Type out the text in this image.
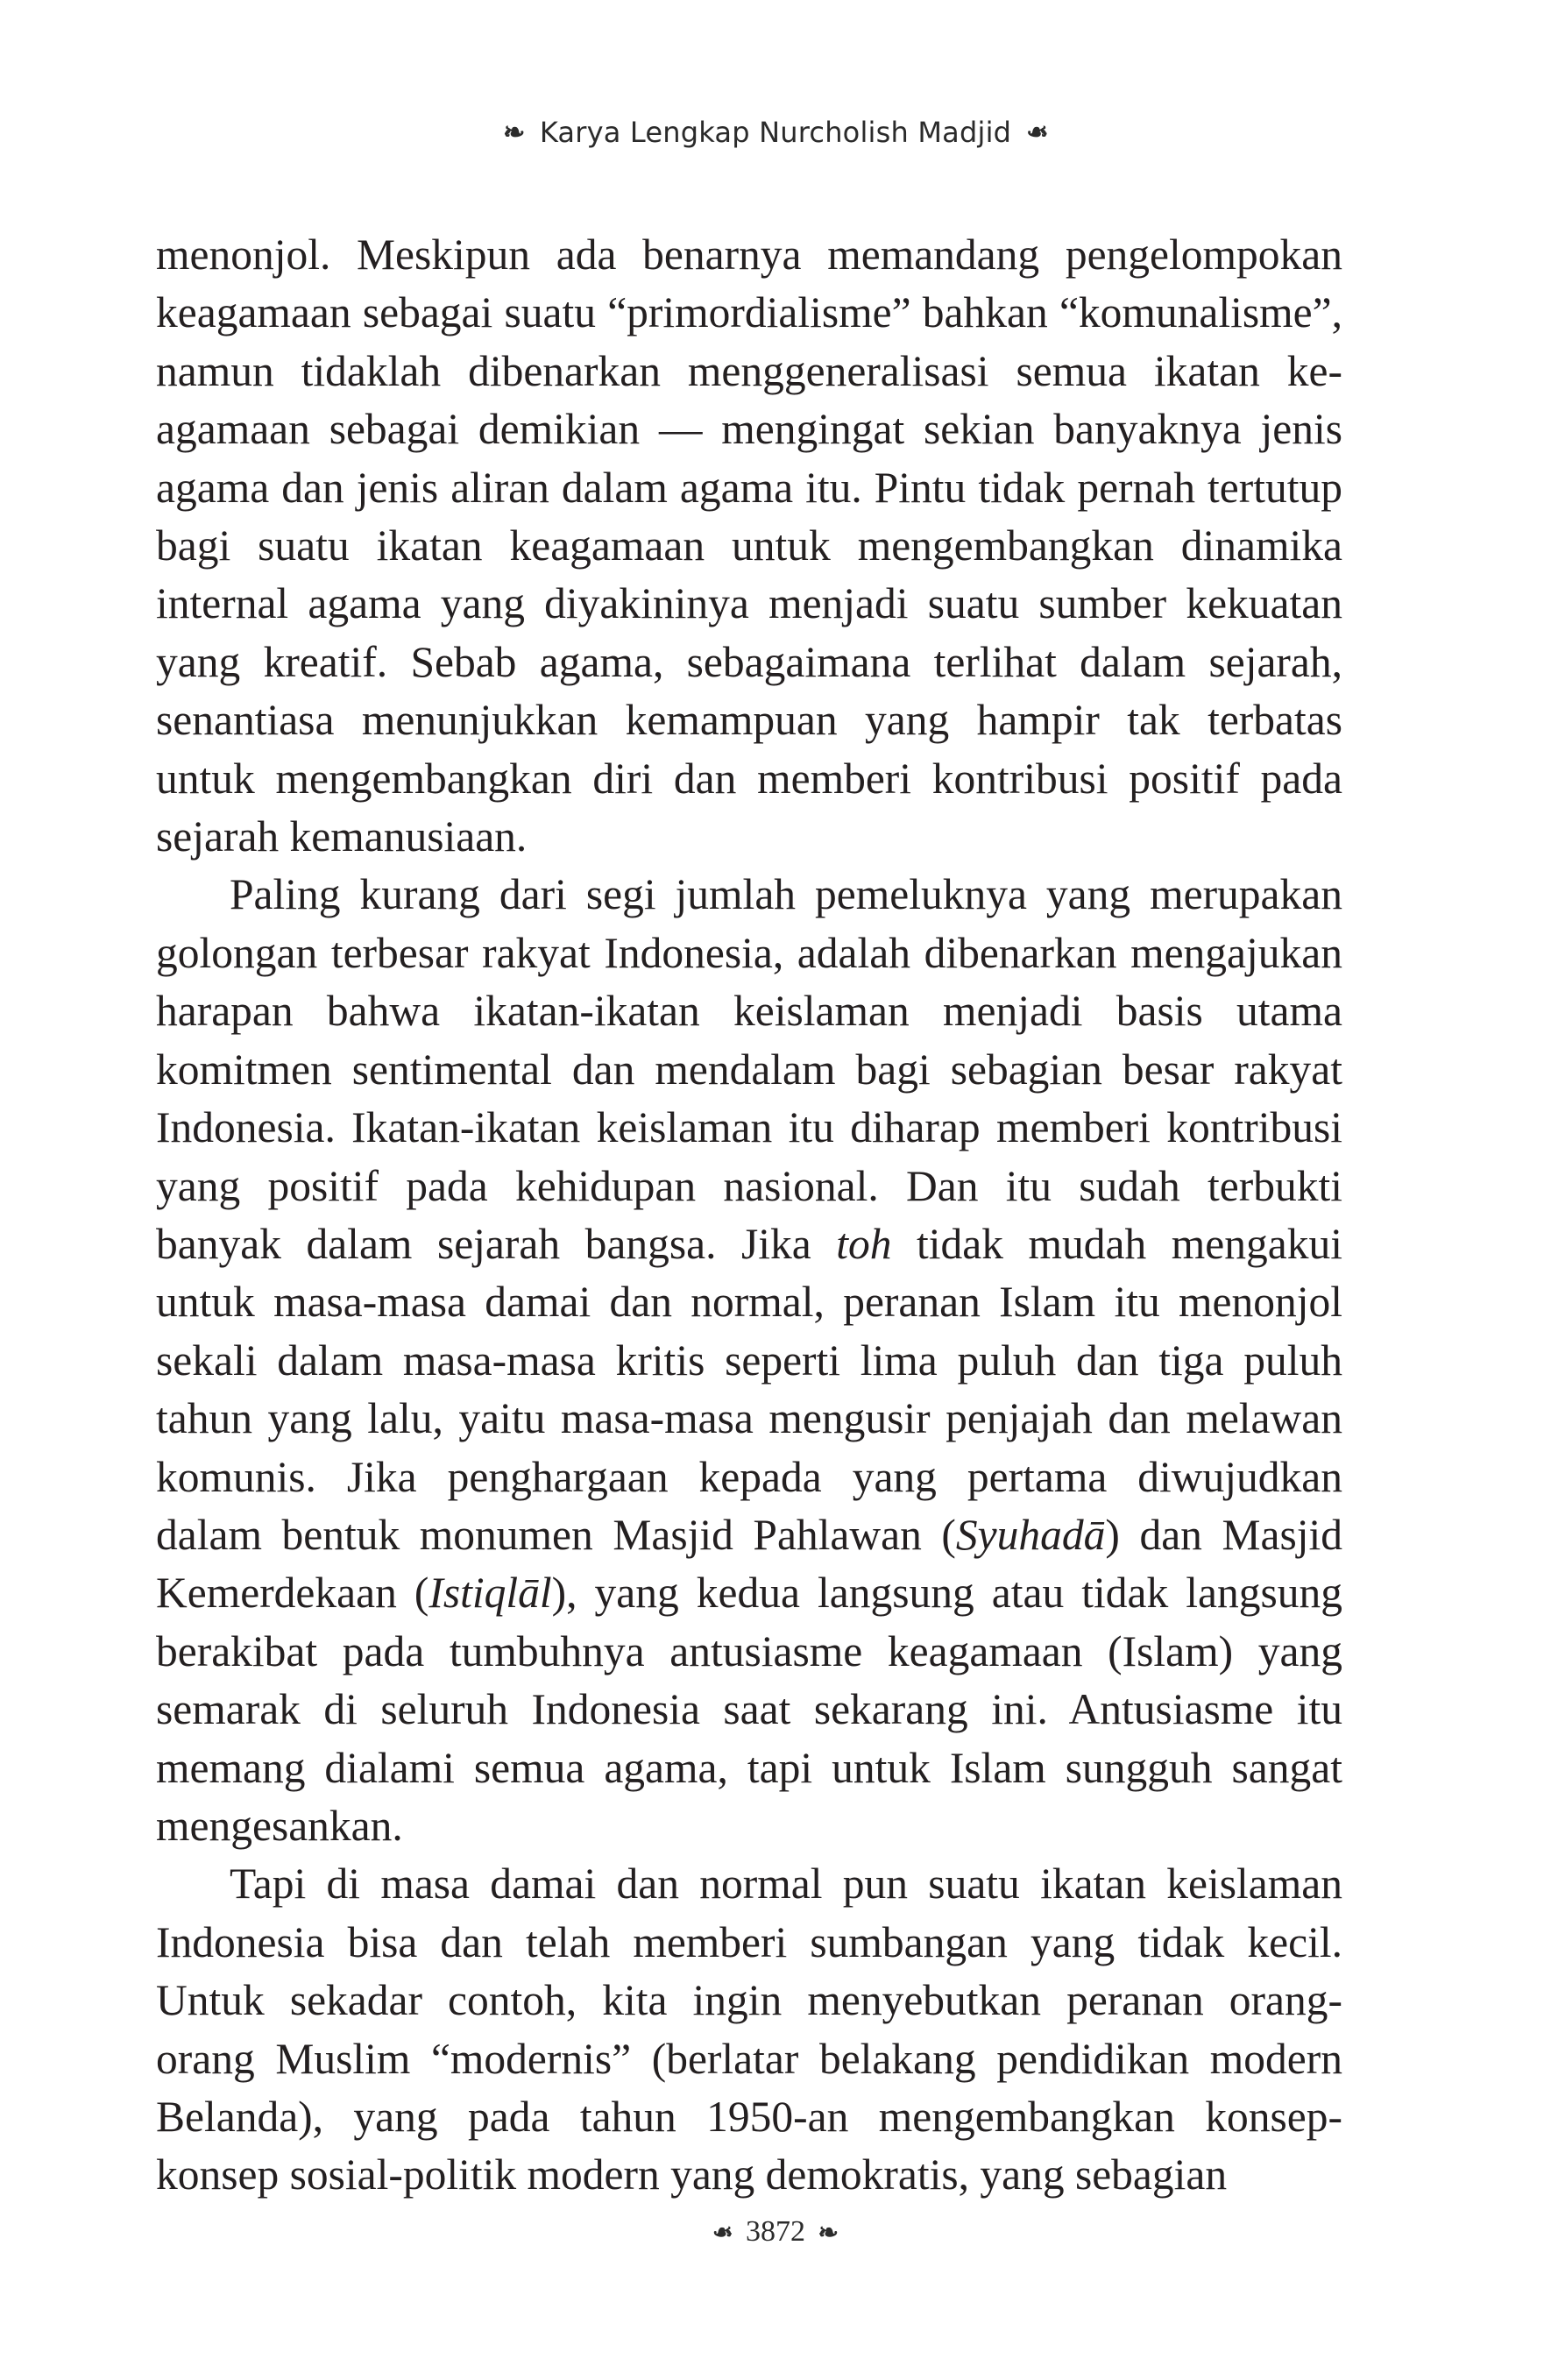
❧ Karya Lengkap Nurcholish Madjid ❧

menonjol. Meskipun ada benarnya memandang pengelompokan
keagamaan sebagai suatu “primordialisme” bahkan “komunalisme”,
namun tidaklah dibenarkan menggeneralisasi semua ikatan ke-
agamaan sebagai demikian — mengingat sekian banyaknya jenis
agama dan jenis aliran dalam agama itu. Pintu tidak pernah tertutup
bagi suatu ikatan keagamaan untuk mengembangkan dinamika
internal agama yang diyakininya menjadi suatu sumber kekuatan
yang kreatif. Sebab agama, sebagaimana terlihat dalam sejarah,
senantiasa menunjukkan kemampuan yang hampir tak terbatas
untuk mengembangkan diri dan memberi kontribusi positif pada
sejarah kemanusiaan.

Paling kurang dari segi jumlah pemeluknya yang merupakan
golongan terbesar rakyat Indonesia, adalah dibenarkan mengajukan
harapan bahwa ikatan-ikatan keislaman menjadi basis utama
komitmen sentimental dan mendalam bagi sebagian besar rakyat
Indonesia. Ikatan-ikatan keislaman itu diharap memberi kontribusi
yang positif pada kehidupan nasional. Dan itu sudah terbukti
banyak dalam sejarah bangsa. Jika toh tidak mudah mengakui
untuk masa-masa damai dan normal, peranan Islam itu menonjol
sekali dalam masa-masa kritis seperti lima puluh dan tiga puluh
tahun yang lalu, yaitu masa-masa mengusir penjajah dan melawan
komunis. Jika penghargaan kepada yang pertama diwujudkan
dalam bentuk monumen Masjid Pahlawan (Syuhadā) dan Masjid
Kemerdekaan (Istiqlāl), yang kedua langsung atau tidak langsung
berakibat pada tumbuhnya antusiasme keagamaan (Islam) yang
semarak di seluruh Indonesia saat sekarang ini. Antusiasme itu
memang dialami semua agama, tapi untuk Islam sungguh sangat
mengesankan.

Tapi di masa damai dan normal pun suatu ikatan keislaman
Indonesia bisa dan telah memberi sumbangan yang tidak kecil.
Untuk sekadar contoh, kita ingin menyebutkan peranan orang-
orang Muslim “modernis” (berlatar belakang pendidikan modern
Belanda), yang pada tahun 1950-an mengembangkan konsep-
konsep sosial-politik modern yang demokratis, yang sebagian

❧ 3872 ❧
